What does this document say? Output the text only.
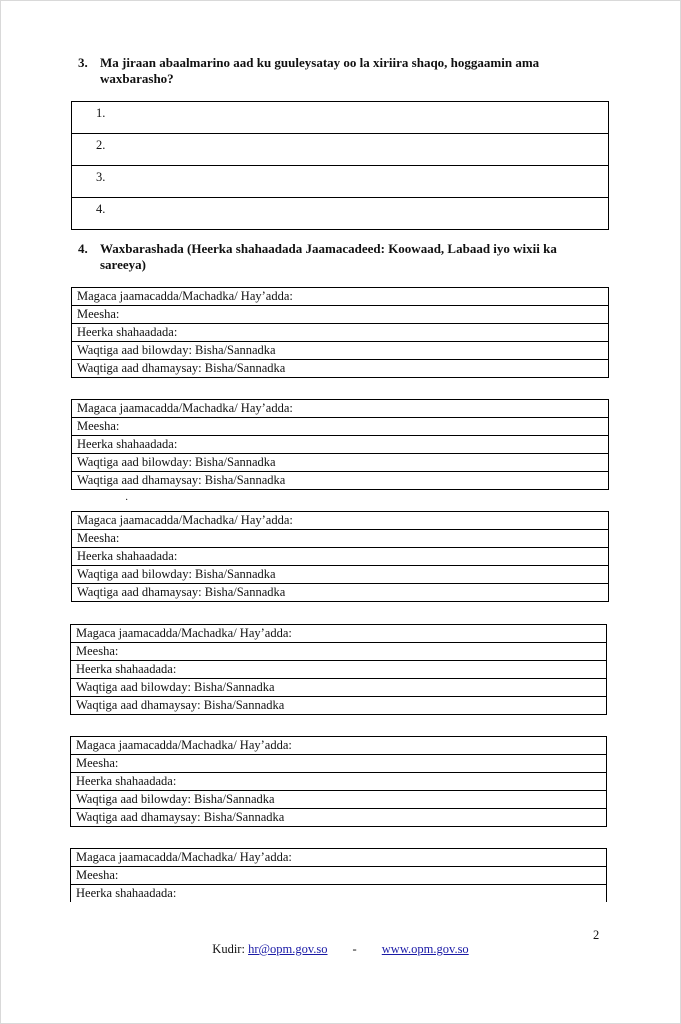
3. Ma jiraan abaalmarino aad ku guuleysatay oo la xiriira shaqo, hoggaamin ama waxbarasho?
1.
2.
3.
4.
4. Waxbarashada (Heerka shahaadada Jaamacadeed: Koowaad, Labaad iyo wixii ka sareeya)
Magaca jaamacadda/Machadka/ Hay’adda:
Meesha:
Heerka shahaadada:
Waqtiga aad bilowday: Bisha/Sannadka
Waqtiga aad dhamaysay: Bisha/Sannadka
Magaca jaamacadda/Machadka/ Hay’adda:
Meesha:
Heerka shahaadada:
Waqtiga aad bilowday: Bisha/Sannadka
Waqtiga aad dhamaysay: Bisha/Sannadka
·
Magaca jaamacadda/Machadka/ Hay’adda:
Meesha:
Heerka shahaadada:
Waqtiga aad bilowday: Bisha/Sannadka
Waqtiga aad dhamaysay: Bisha/Sannadka
Magaca jaamacadda/Machadka/ Hay’adda:
Meesha:
Heerka shahaadada:
Waqtiga aad bilowday: Bisha/Sannadka
Waqtiga aad dhamaysay: Bisha/Sannadka
Magaca jaamacadda/Machadka/ Hay’adda:
Meesha:
Heerka shahaadada:
Waqtiga aad bilowday: Bisha/Sannadka
Waqtiga aad dhamaysay: Bisha/Sannadka
Magaca jaamacadda/Machadka/ Hay’adda:
Meesha:
Heerka shahaadada:
2
Kudir: hr@opm.gov.so - www.opm.gov.so
